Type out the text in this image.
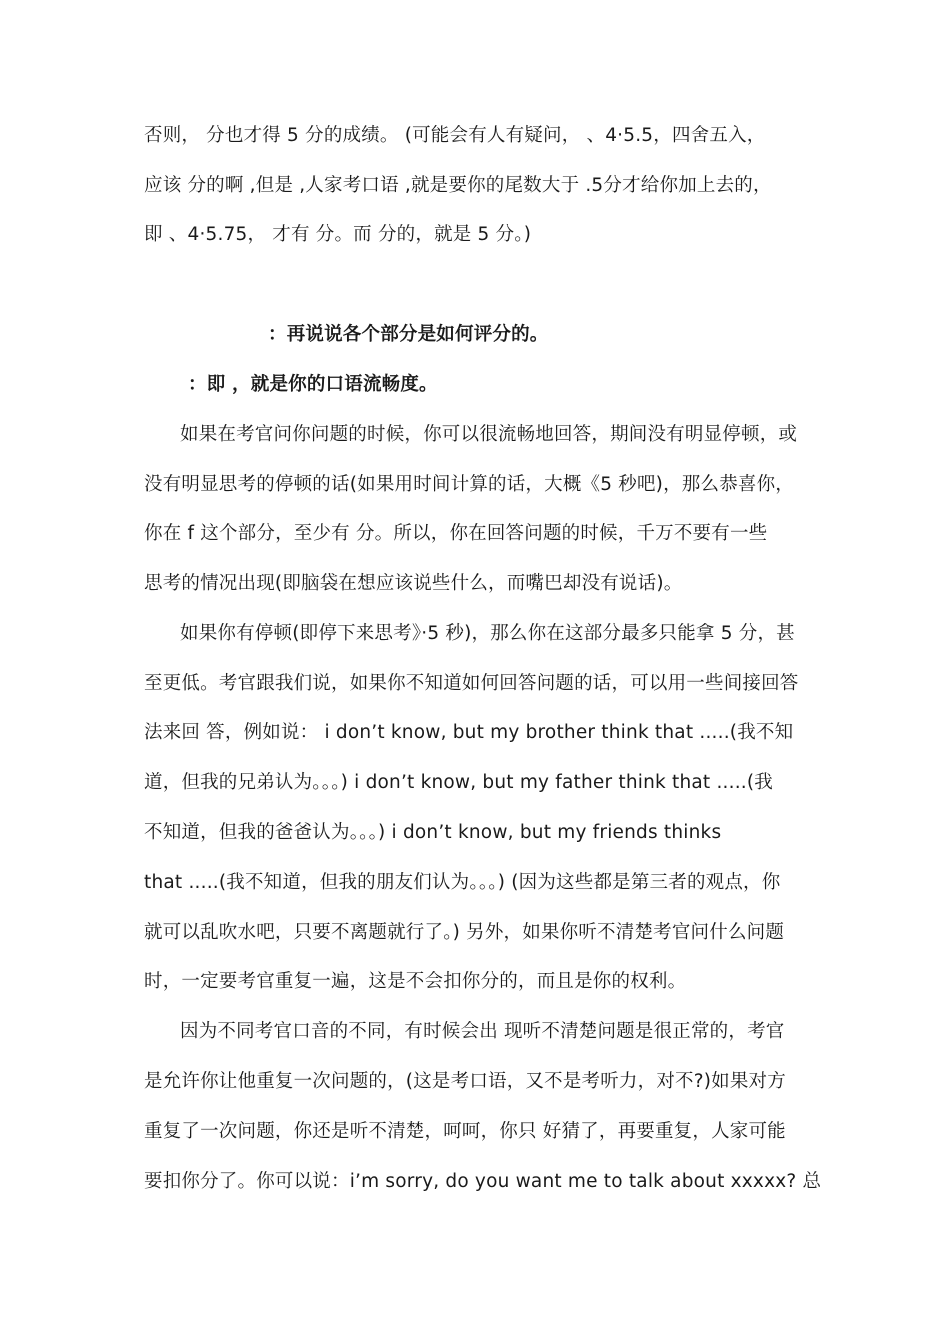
否则， 分也才得 5 分的成绩。 (可能会有人有疑问， 、4·5.5，四舍五入，
应该 分的啊 ,但是 ,人家考口语 ,就是要你的尾数大于 .5分才给你加上去的，
即 、4·5.75， 才有 分。而 分的，就是 5 分。)
：再说说各个部分是如何评分的。
：即 ，就是你的口语流畅度。
如果在考官问你问题的时候，你可以很流畅地回答，期间没有明显停顿，或
没有明显思考的停顿的话(如果用时间计算的话，大概《5 秒吧)，那么恭喜你，
你在 f 这个部分，至少有 分。所以，你在回答问题的时候，千万不要有一些
思考的情况出现(即脑袋在想应该说些什么，而嘴巴却没有说话)。
如果你有停顿(即停下来思考》·5 秒)，那么你在这部分最多只能拿 5 分，甚
至更低。考官跟我们说，如果你不知道如何回答问题的话，可以用一些间接回答
法来回 答，例如说： i don’t know, but my brother think that .....(我不知
道，但我的兄弟认为。。。) i don’t know, but my father think that .....(我
不知道，但我的爸爸认为。。。) i don’t know, but my friends thinks
that .....(我不知道，但我的朋友们认为。。。) (因为这些都是第三者的观点，你
就可以乱吹水吧，只要不离题就行了。) 另外，如果你听不清楚考官问什么问题
时，一定要考官重复一遍，这是不会扣你分的，而且是你的权利。
因为不同考官口音的不同，有时候会出 现听不清楚问题是很正常的，考官
是允许你让他重复一次问题的，(这是考口语，又不是考听力，对不?)如果对方
重复了一次问题，你还是听不清楚，呵呵，你只 好猜了，再要重复，人家可能
要扣你分了。你可以说：i’m sorry, do you want me to talk about xxxxx? 总
